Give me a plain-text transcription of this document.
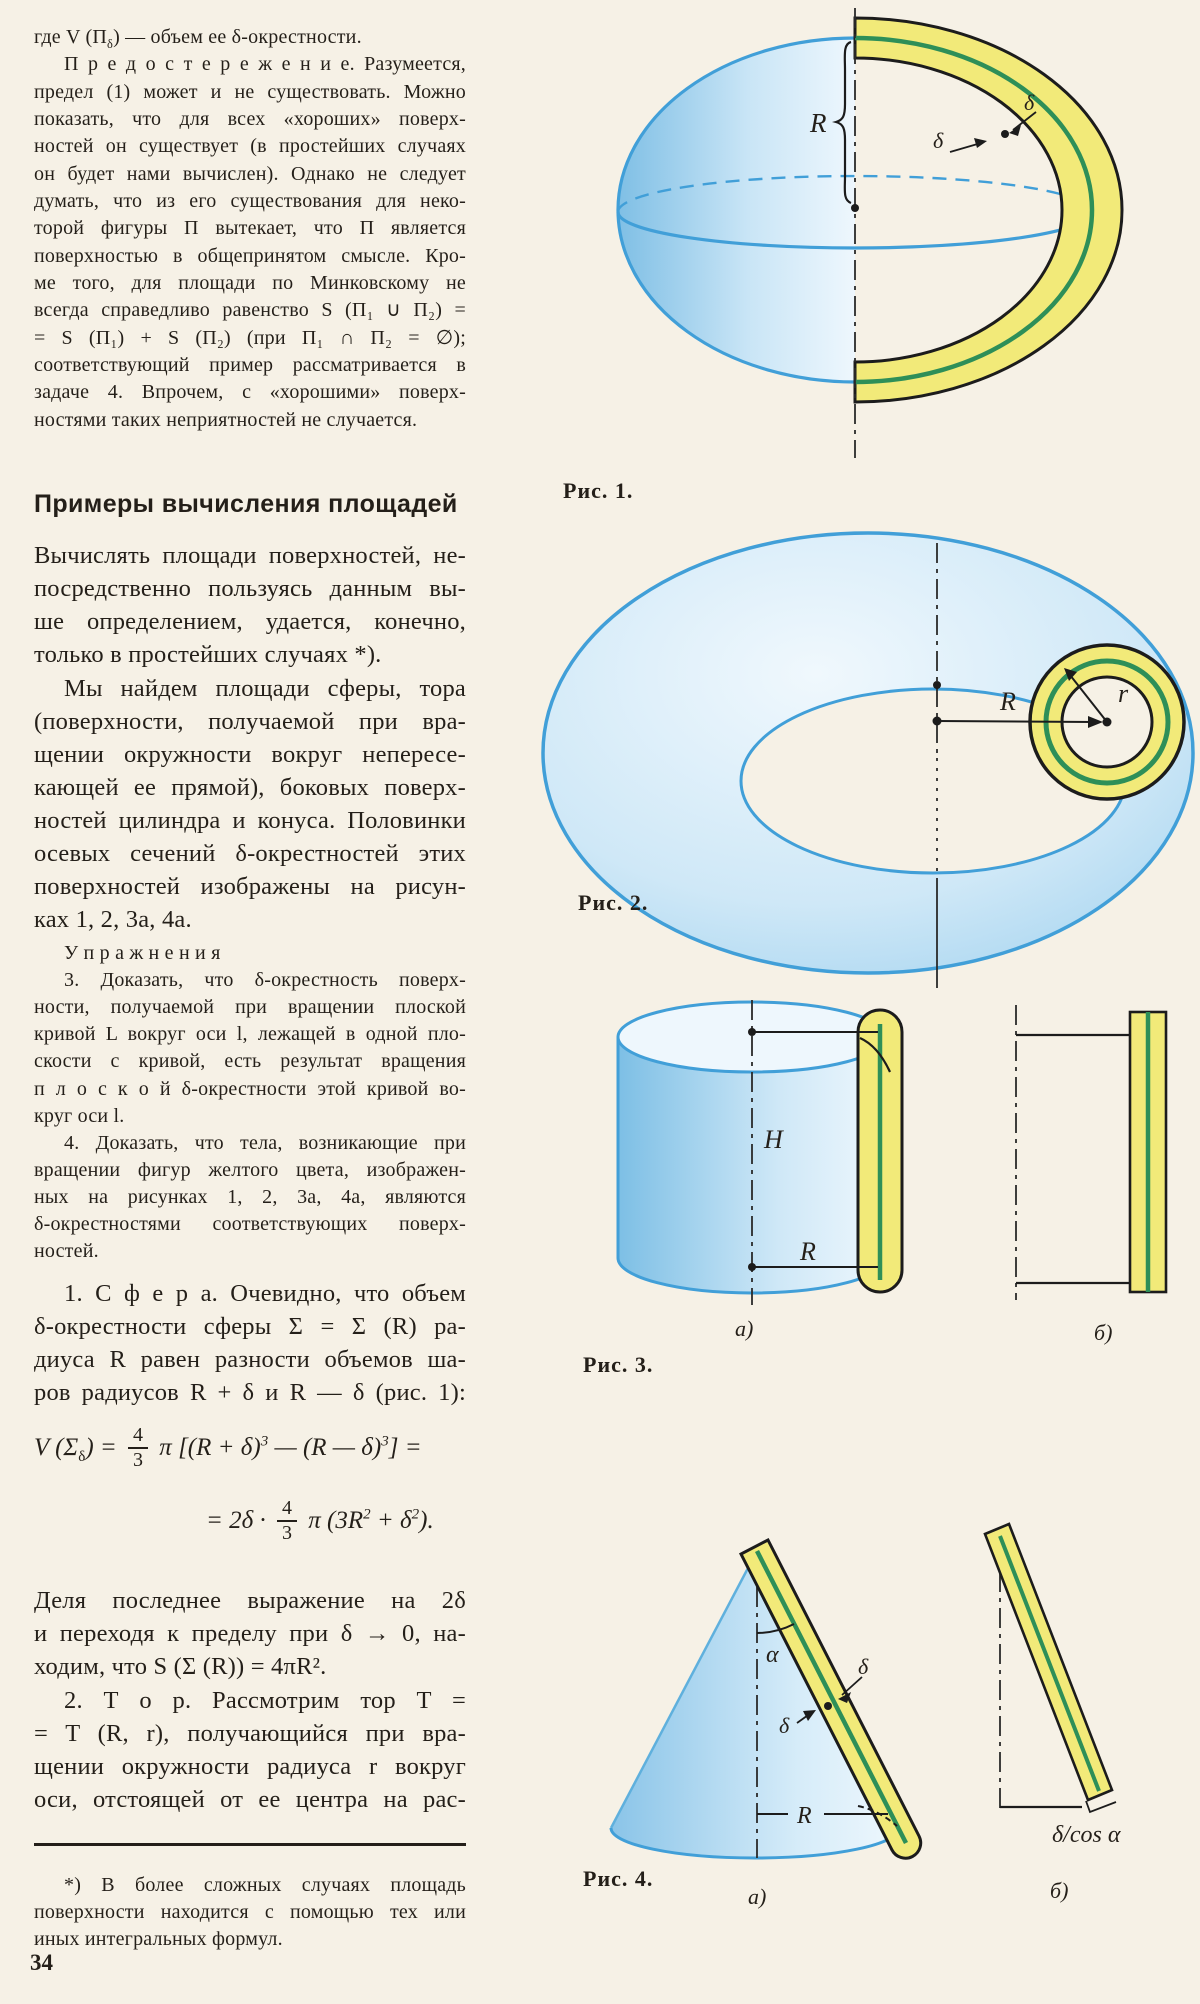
где V $(П_\delta)$ — объем ее δ-окрестности.
П р е д о с т е р е ж е н и е. Разумеется,
предел (1) может и не существовать. Можно
показать, что для всех «хороших» поверх-
ностей он существует (в простейших случаях
он будет нами вычислен). Однако не следует
думать, что из его существования для неко-
торой фигуры П вытекает, что П является
поверхностью в общепринятом смысле. Кро-
ме того, для площади по Минковскому не
всегда справедливо равенство S (П₁ ∪ П₂) =
= S (П₁) + S (П₂) (при П₁ ∩ П₂ = ∅);
соответствующий пример рассматривается в
задаче 4. Впрочем, с «хорошими» поверх-
ностями таких неприятностей не случается.
Примеры вычисления площадей
Вычислять площади поверхностей, не-
посредственно пользуясь данным вы-
ше определением, удается, конечно,
только в простейших случаях *).
Мы найдем площади сферы, тора
(поверхности, получаемой при вра-
щении окружности вокруг непересе-
кающей ее прямой), боковых поверх-
ностей цилиндра и конуса. Половинки
осевых сечений δ-окрестностей этих
поверхностей изображены на рисун-
ках 1, 2, 3а, 4а.
У п р а ж н е н и я
3. Доказать, что δ-окрестность поверх-
ности, получаемой при вращении плоской
кривой L вокруг оси l, лежащей в одной пло-
скости с кривой, есть результат вращения
п л о с к о й δ-окрестности этой кривой во-
круг оси l.
4. Доказать, что тела, возникающие при
вращении фигур желтого цвета, изображен-
ных на рисунках 1, 2, 3а, 4а, являются
δ-окрестностями соответствующих поверх-
ностей.
1. С ф е р а. Очевидно, что объем
δ-окрестности сферы Σ = Σ (R) ра-
диуса R равен разности объемов ша-
ров радиусов R + δ и R — δ (рис. 1):
V $(\Sigma_\delta) = \frac{4}{3}$ π [$(R + \delta)^3$ — (R — δ)$^3$] =
= $2\delta \cdot \frac{4}{3}$ π $(3R^2 + \delta^2)$.
Деля последнее выражение на 2δ
и переходя к пределу при δ → 0, на-
ходим, что S (Σ (R)) = 4πR².
2. Т о р. Рассмотрим тор T =
= T (R, r), получающийся при вра-
щении окружности радиуса r вокруг
оси, отстоящей от ее центра на рас-
*) В более сложных случаях площадь
поверхности находится с помощью тех или
иных интегральных формул.
34
R
δ
δ
Рис. 1.
R	r
Рис. 2.
H
R
а)	б)
Рис. 3.
α	δ
δ
R
δ/cos α
Рис. 4.
а)	б)
